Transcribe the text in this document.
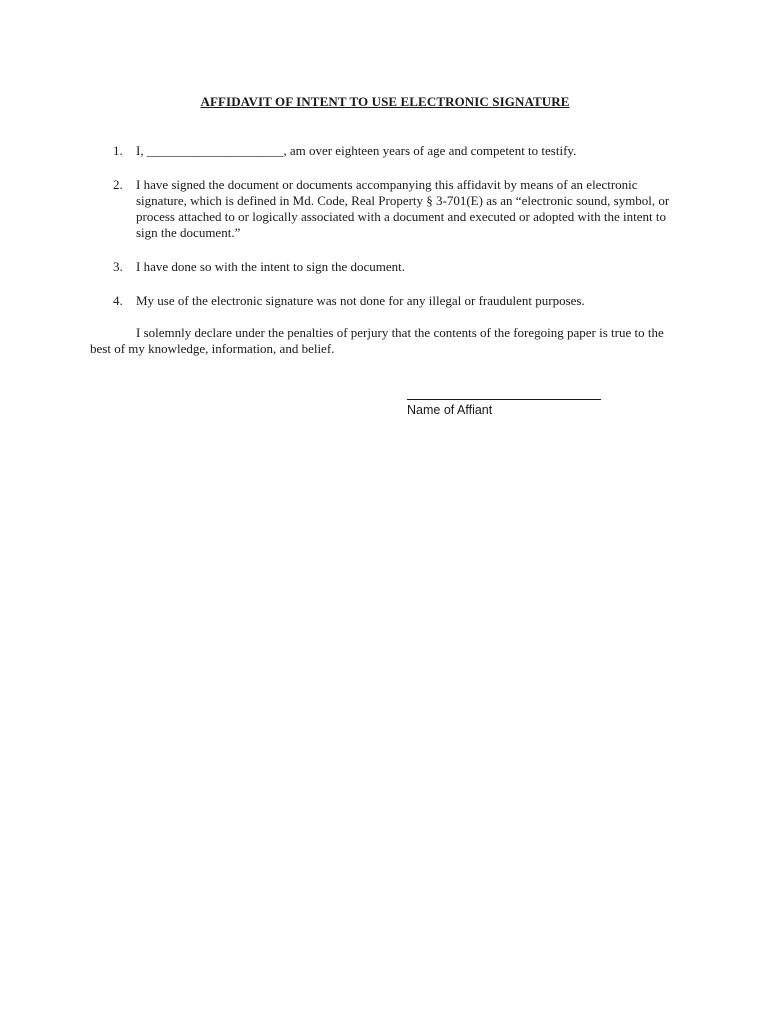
AFFIDAVIT OF INTENT TO USE ELECTRONIC SIGNATURE
1. I, _____________________, am over eighteen years of age and competent to testify.
2. I have signed the document or documents accompanying this affidavit by means of an electronic signature, which is defined in Md. Code, Real Property § 3-701(E) as an “electronic sound, symbol, or process attached to or logically associated with a document and executed or adopted with the intent to sign the document.”
3. I have done so with the intent to sign the document.
4. My use of the electronic signature was not done for any illegal or fraudulent purposes.

I solemnly declare under the penalties of perjury that the contents of the foregoing paper is true to the best of my knowledge, information, and belief.

Name of Affiant
